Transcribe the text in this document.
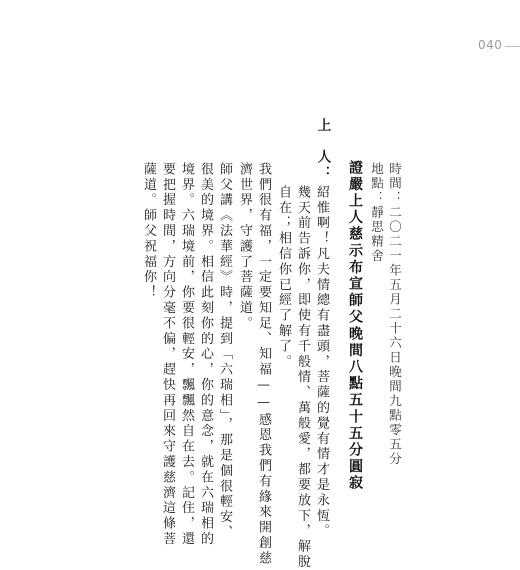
040
時間：二〇二一年五月二十六日晚間九點零五分
地點：靜思精舍
證嚴上人慈示布宣師父晚間八點五十五分圓寂
上　人：
紹惟啊！凡夫情總有盡頭，菩薩的覺有情才是永恆。
幾天前告訴你，即使有千般情、萬般愛，都要放下，解脫
自在；相信你已經了解了。
我們很有福，一定要知足、知福——感恩我們有緣來開創慈
濟世界，守護了菩薩道。
師父講《法華經》時，提到「六瑞相」，那是個很輕安、
很美的境界。相信此刻你的心，你的意念，就在六瑞相的
境界。六瑞境前，你要很輕安，飄飄然自在去。記住，還
要把握時間，方向分毫不偏，趕快再回來守護慈濟這條菩
薩道。師父祝福你！
